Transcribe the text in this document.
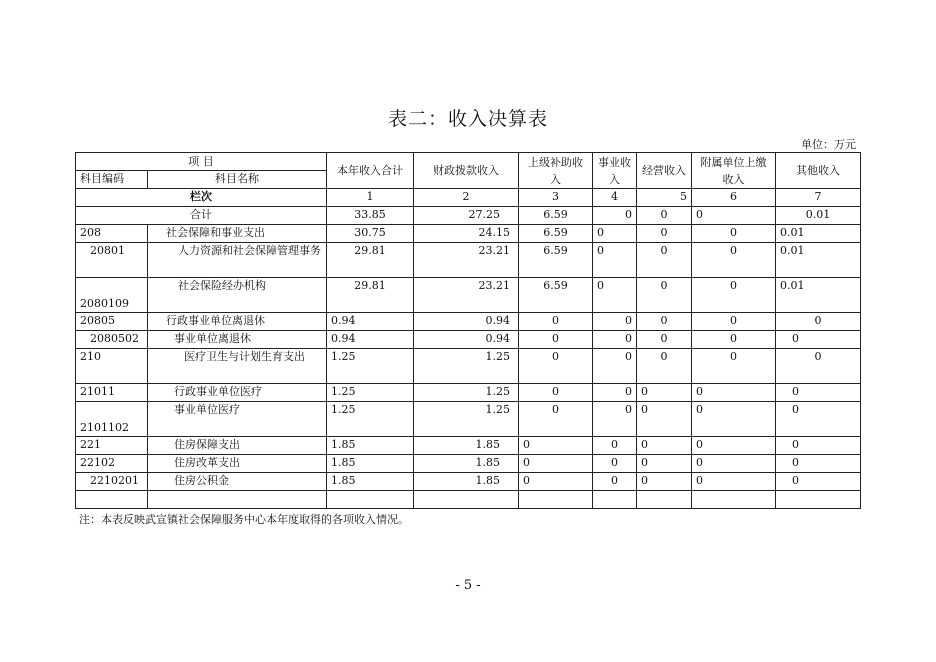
表二：收入决算表
单位：万元
项 目		本年收入合计	财政拨款收入	上级补助收入	事业收入	经营收入	附属单位上缴收入	其他收入
科目编码	科目名称							
栏次		1	2	3	4	5	6	7
合计		33.85	27.25	6.59	0	0	0	0.01
208	社会保障和事业支出	30.75	24.15	6.59	0	0	0	0.01
20801	人力资源和社会保障管理事务	29.81	23.21	6.59	0	0	0	0.01
2080109	社会保险经办机构	29.81	23.21	6.59	0	0	0	0.01
20805	行政事业单位离退休	0.94	0.94	0	0	0	0	0
2080502	事业单位离退休	0.94	0.94	0	0	0	0	0
210	医疗卫生与计划生育支出	1.25	1.25	0	0	0	0	0
21011	行政事业单位医疗	1.25	1.25	0	0	0	0	0
2101102	事业单位医疗	1.25	1.25	0	0	0	0	0
221	住房保障支出	1.85	1.85	0	0	0	0	0
22102	住房改革支出	1.85	1.85	0	0	0	0	0
2210201	住房公积金	1.85	1.85	0	0	0	0	0

注：本表反映武宣镇社会保障服务中心本年度取得的各项收入情况。
- 5 -
